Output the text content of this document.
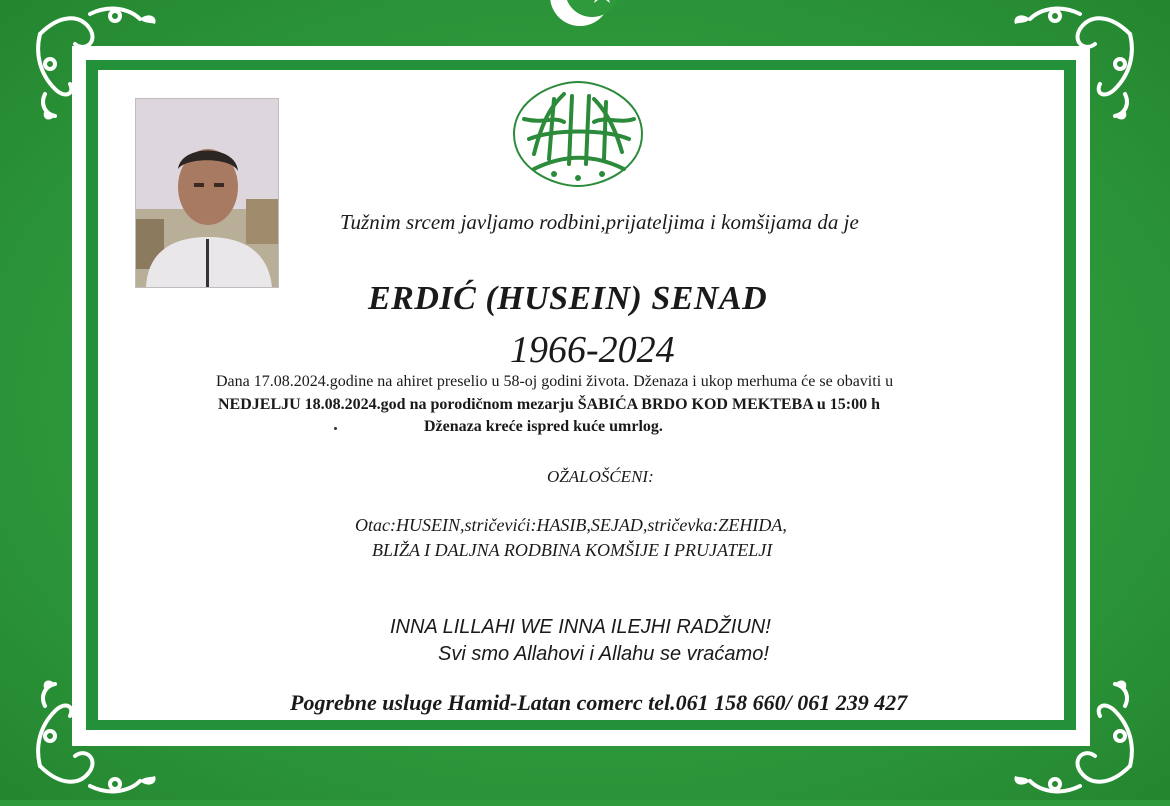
Tužnim srcem javljamo rodbini,prijateljima i komšijama da je
ERDIĆ (HUSEIN) SENAD
1966-2024
Dana 17.08.2024.godine na ahiret preselio u 58-oj godini života. Dženaza i ukop merhuma će se obaviti u
NEDJELJU 18.08.2024.god na porodičnom mezarju ŠABIĆA BRDO KOD MEKTEBA u 15:00 h
Dženaza kreće ispred kuće umrlog.
OŽALOŠĆENI:
Otac:HUSEIN,stričevići:HASIB,SEJAD,stričevka:ZEHIDA,
BLIŽA I DALJNA RODBINA KOMŠIJE I PRUJATELJI
INNA LILLAHI WE INNA ILEJHI RADŽIUN!
Svi smo Allahovi i Allahu se vraćamo!
Pogrebne usluge Hamid-Latan comerc tel.061 158 660/ 061 239 427
